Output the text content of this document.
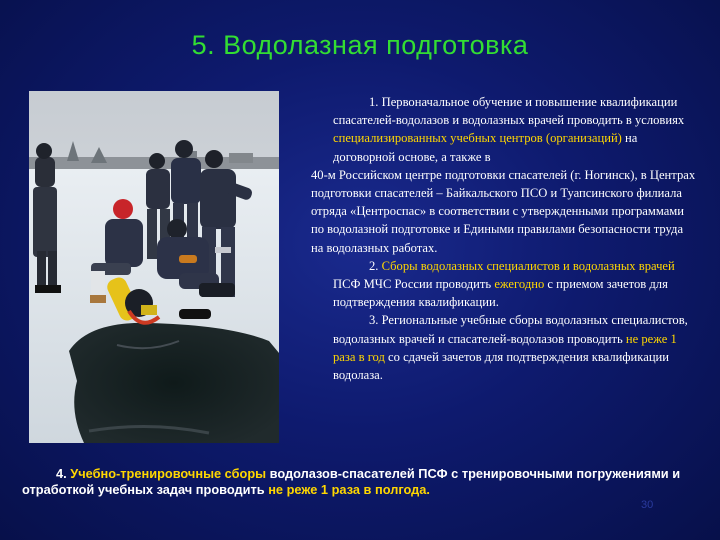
5. Водолазная подготовка

1. Первоначальное обучение и повышение квалификации спасателей-водолазов и водолазных врачей проводить в условиях специализированных учебных центров (организаций) на договорной основе, а также в

40-м Российском центре подготовки спасателей (г. Ногинск), в Центрах подготовки спасателей – Байкальского ПСО и Туапсинского филиала отряда «Центроспас» в соответствии с утвержденными программами по водолазной подготовке и Едиными правилами безопасности труда на водолазных работах.

2. Сборы водолазных специалистов и водолазных врачей ПСФ МЧС России проводить ежегодно с приемом зачетов для подтверждения квалификации.

3. Региональные учебные сборы водолазных специалистов, водолазных врачей и спасателей-водолазов проводить не реже 1 раза в год со сдачей зачетов для подтверждения квалификации водолаза.

4. Учебно-тренировочные сборы водолазов-спасателей ПСФ с тренировочными погружениями и отработкой учебных задач проводить не реже 1 раза в полгода.
30
